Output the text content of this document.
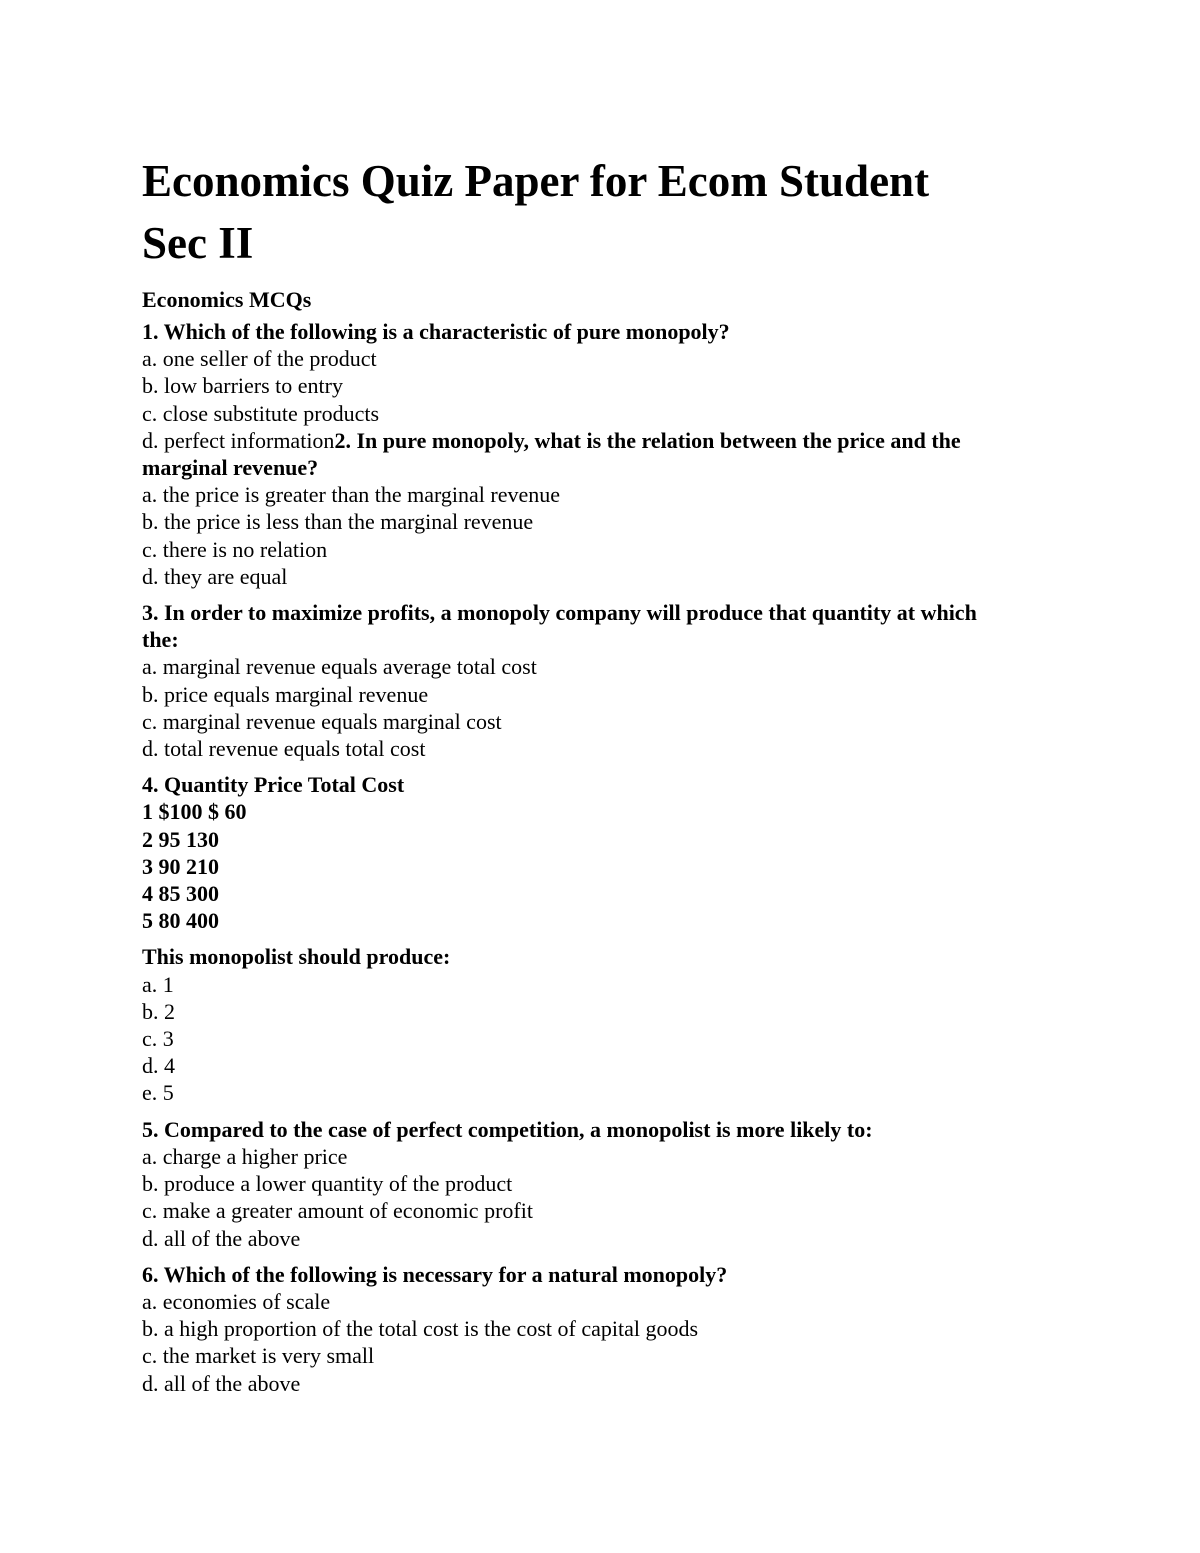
Economics Quiz Paper for Ecom Student
Sec II
Economics MCQs

1. Which of the following is a characteristic of pure monopoly?

a. one seller of the product

b. low barriers to entry

c. close substitute products

d. perfect information2. In pure monopoly, what is the relation between the price and the

marginal revenue?

a. the price is greater than the marginal revenue

b. the price is less than the marginal revenue

c. there is no relation

d. they are equal

3. In order to maximize profits, a monopoly company will produce that quantity at which

the:

a. marginal revenue equals average total cost

b. price equals marginal revenue

c. marginal revenue equals marginal cost

d. total revenue equals total cost

4. Quantity Price Total Cost

1 $100 $ 60

2 95 130

3 90 210

4 85 300

5 80 400

This monopolist should produce:

a. 1

b. 2

c. 3

d. 4

e. 5

5. Compared to the case of perfect competition, a monopolist is more likely to:

a. charge a higher price

b. produce a lower quantity of the product

c. make a greater amount of economic profit

d. all of the above

6. Which of the following is necessary for a natural monopoly?

a. economies of scale

b. a high proportion of the total cost is the cost of capital goods

c. the market is very small

d. all of the above
